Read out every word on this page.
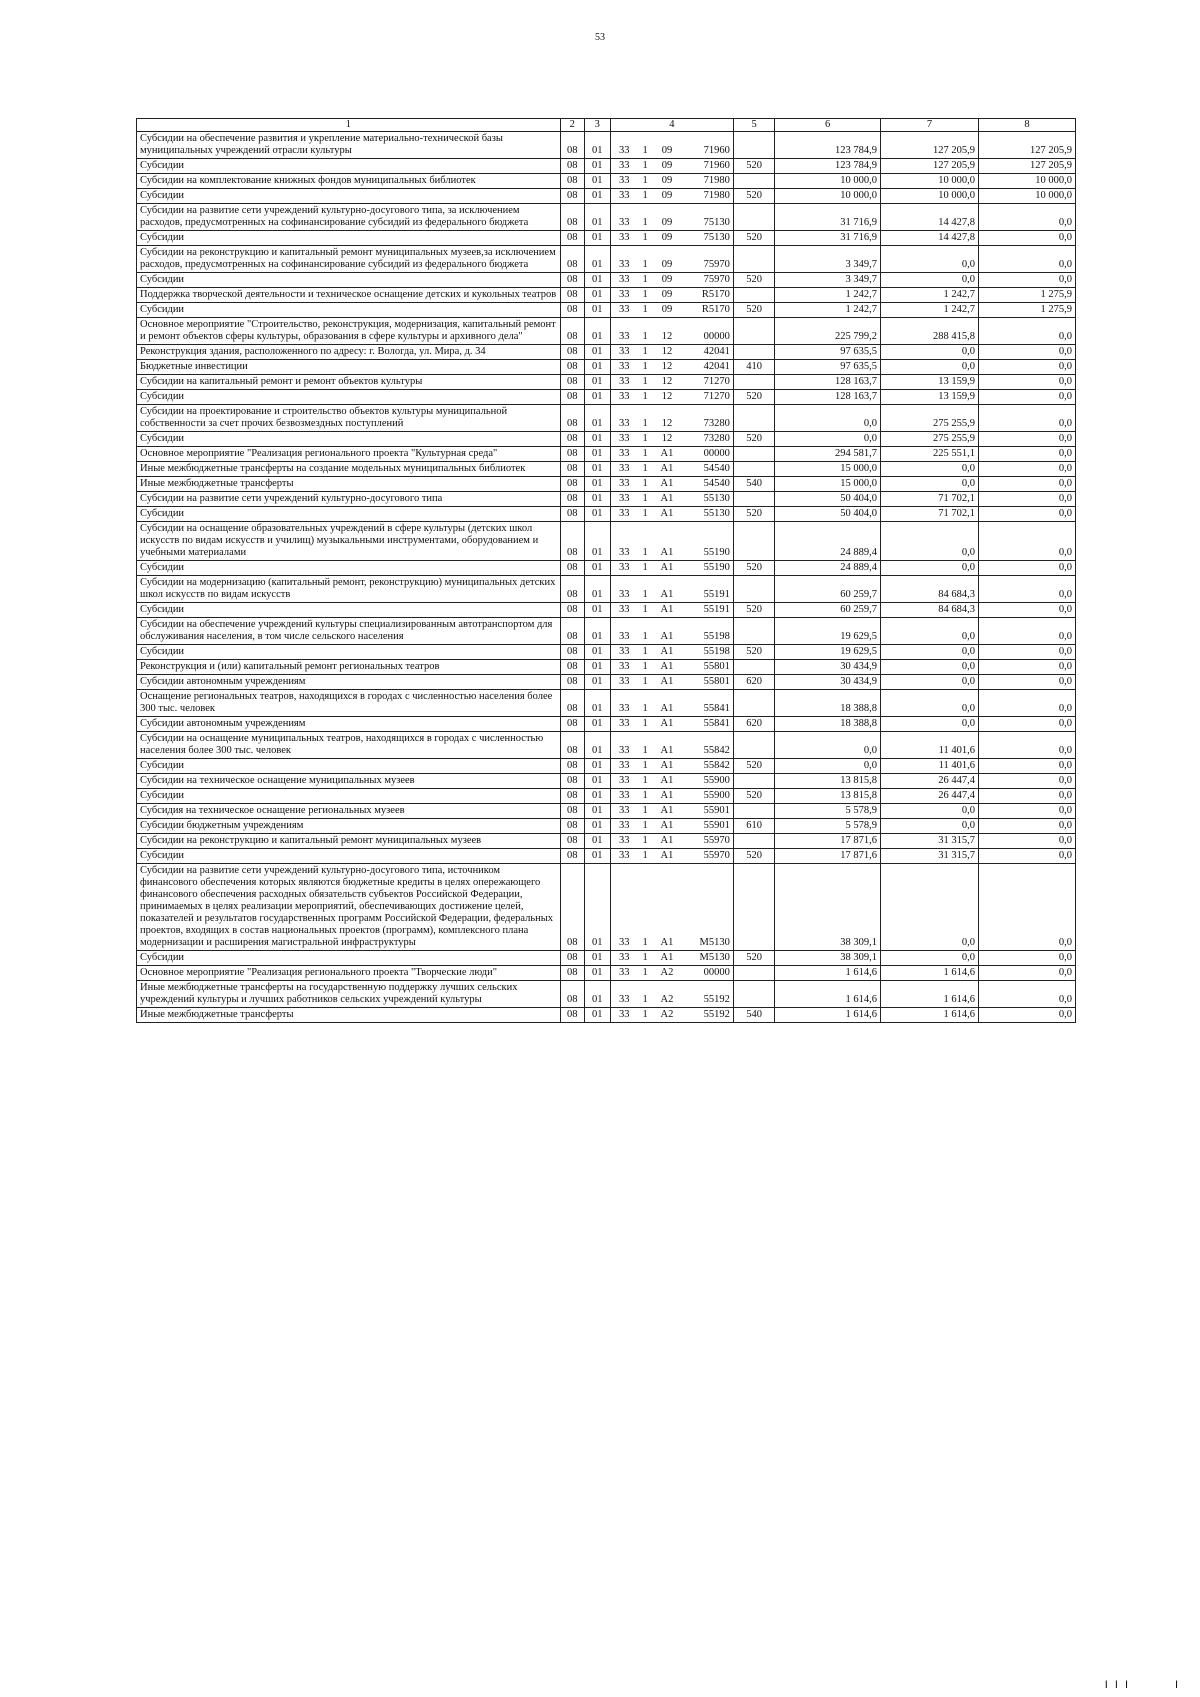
53
1	2	3	4				5	6	7	8
Субсидии на обеспечение развития и укрепление материально-технической базы муниципальных учреждений отрасли культуры	08	01	33	1	09	71960		123 784,9	127 205,9	127 205,9
Субсидии	08	01	33	1	09	71960	520	123 784,9	127 205,9	127 205,9
Субсидии на комплектование книжных фондов муниципальных библиотек	08	01	33	1	09	71980		10 000,0	10 000,0	10 000,0
Субсидии	08	01	33	1	09	71980	520	10 000,0	10 000,0	10 000,0
Субсидии на развитие сети учреждений культурно-досугового типа, за исключением расходов, предусмотренных на софинансирование субсидий из федерального бюджета	08	01	33	1	09	75130		31 716,9	14 427,8	0,0
Субсидии	08	01	33	1	09	75130	520	31 716,9	14 427,8	0,0
Субсидии на реконструкцию и капитальный ремонт муниципальных музеев,за исключением расходов, предусмотренных на софинансирование субсидий из федерального бюджета	08	01	33	1	09	75970		3 349,7	0,0	0,0
Субсидии	08	01	33	1	09	75970	520	3 349,7	0,0	0,0
Поддержка творческой деятельности и техническое оснащение детских и кукольных театров	08	01	33	1	09	R5170		1 242,7	1 242,7	1 275,9
Субсидии	08	01	33	1	09	R5170	520	1 242,7	1 242,7	1 275,9
Основное мероприятие "Строительство, реконструкция, модернизация, капитальный ремонт и ремонт объектов сферы культуры, образования в сфере культуры и архивного дела"	08	01	33	1	12	00000		225 799,2	288 415,8	0,0
Реконструкция здания, расположенного по адресу: г. Вологда, ул. Мира, д. 34	08	01	33	1	12	42041		97 635,5	0,0	0,0
Бюджетные инвестиции	08	01	33	1	12	42041	410	97 635,5	0,0	0,0
Субсидии на капитальный ремонт и ремонт объектов культуры	08	01	33	1	12	71270		128 163,7	13 159,9	0,0
Субсидии	08	01	33	1	12	71270	520	128 163,7	13 159,9	0,0
Субсидии на проектирование и строительство объектов культуры муниципальной собственности за счет прочих безвозмездных поступлений	08	01	33	1	12	73280		0,0	275 255,9	0,0
Субсидии	08	01	33	1	12	73280	520	0,0	275 255,9	0,0
Основное мероприятие "Реализация регионального проекта "Культурная среда"	08	01	33	1	A1	00000		294 581,7	225 551,1	0,0
Иные межбюджетные трансферты на создание модельных муниципальных библиотек	08	01	33	1	A1	54540		15 000,0	0,0	0,0
Иные межбюджетные трансферты	08	01	33	1	A1	54540	540	15 000,0	0,0	0,0
Субсидии на развитие сети учреждений культурно-досугового типа	08	01	33	1	A1	55130		50 404,0	71 702,1	0,0
Субсидии	08	01	33	1	A1	55130	520	50 404,0	71 702,1	0,0
Субсидии на оснащение образовательных учреждений в сфере культуры (детских школ искусств по видам искусств и училищ) музыкальными инструментами, оборудованием и учебными материалами	08	01	33	1	A1	55190		24 889,4	0,0	0,0
Субсидии	08	01	33	1	A1	55190	520	24 889,4	0,0	0,0
Субсидии на модернизацию (капитальный ремонт, реконструкцию) муниципальных детских школ искусств по видам искусств	08	01	33	1	A1	55191		60 259,7	84 684,3	0,0
Субсидии	08	01	33	1	A1	55191	520	60 259,7	84 684,3	0,0
Субсидии на обеспечение учреждений культуры специализированным автотранспортом для обслуживания населения, в том числе сельского населения	08	01	33	1	A1	55198		19 629,5	0,0	0,0
Субсидии	08	01	33	1	A1	55198	520	19 629,5	0,0	0,0
Реконструкция и (или) капитальный ремонт региональных театров	08	01	33	1	A1	55801		30 434,9	0,0	0,0
Субсидии автономным учреждениям	08	01	33	1	A1	55801	620	30 434,9	0,0	0,0
Оснащение региональных театров, находящихся в городах с численностью населения более 300 тыс. человек	08	01	33	1	A1	55841		18 388,8	0,0	0,0
Субсидии автономным учреждениям	08	01	33	1	A1	55841	620	18 388,8	0,0	0,0
Субсидии на оснащение муниципальных театров, находящихся в городах с численностью населения более 300 тыс. человек	08	01	33	1	A1	55842		0,0	11 401,6	0,0
Субсидии	08	01	33	1	A1	55842	520	0,0	11 401,6	0,0
Субсидии на техническое оснащение муниципальных музеев	08	01	33	1	A1	55900		13 815,8	26 447,4	0,0
Субсидии	08	01	33	1	A1	55900	520	13 815,8	26 447,4	0,0
Субсидия на техническое оснащение региональных музеев	08	01	33	1	A1	55901		5 578,9	0,0	0,0
Субсидии бюджетным учреждениям	08	01	33	1	A1	55901	610	5 578,9	0,0	0,0
Субсидии на реконструкцию и капитальный ремонт муниципальных музеев	08	01	33	1	A1	55970		17 871,6	31 315,7	0,0
Субсидии	08	01	33	1	A1	55970	520	17 871,6	31 315,7	0,0
Субсидии на развитие сети учреждений культурно-досугового типа, источником финансового обеспечения которых являются бюджетные кредиты в целях опережающего финансового обеспечения расходных обязательств субъектов Российской Федерации, принимаемых в целях реализации мероприятий, обеспечивающих достижение целей, показателей и результатов государственных программ Российской Федерации, федеральных проектов, входящих в состав национальных проектов (программ), комплексного плана модернизации и расширения магистральной инфраструктуры	08	01	33	1	A1	M5130		38 309,1	0,0	0,0
Субсидии	08	01	33	1	A1	M5130	520	38 309,1	0,0	0,0
Основное мероприятие "Реализация регионального проекта "Творческие люди"	08	01	33	1	A2	00000		1 614,6	1 614,6	0,0
Иные межбюджетные трансферты на государственную поддержку лучших сельских учреждений культуры и лучших работников сельских учреждений культуры	08	01	33	1	A2	55192		1 614,6	1 614,6	0,0
Иные межбюджетные трансферты	08	01	33	1	A2	55192	540	1 614,6	1 614,6	0,0
I I I	I
